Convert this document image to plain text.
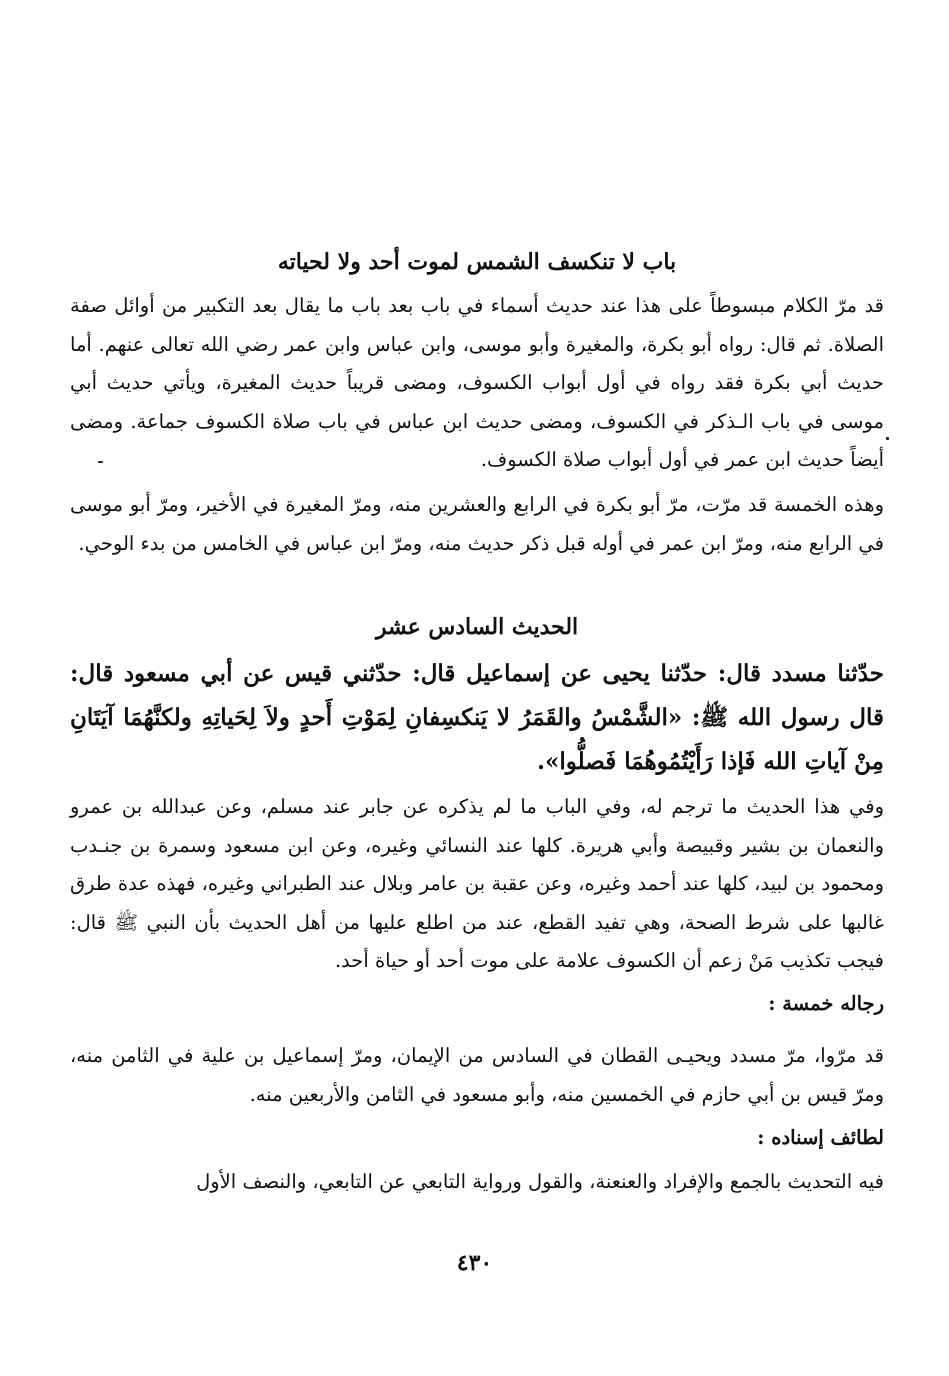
باب لا تنكسف الشمس لموت أحد ولا لحياته
قد مرّ الكلام مبسوطاً على هذا عند حديث أسماء في باب بعد باب ما يقال بعد التكبير من أوائل صفة الصلاة. ثم قال: رواه أبو بكرة، والمغيرة وأبو موسى، وابن عباس وابن عمر رضي الله تعالى عنهم. أما حديث أبي بكرة فقد رواه في أول أبواب الكسوف، ومضى قريباً حديث المغيرة، ويأتي حديث أبي موسى في باب الـذكر في الكسوف، ومضى حديث ابن عباس في باب صلاة الكسوف جماعة. ومضى أيضاً حديث ابن عمر في أول أبواب صلاة الكسوف.
وهذه الخمسة قد مرّت، مرّ أبو بكرة في الرابع والعشرين منه، ومرّ المغيرة في الأخير، ومرّ أبو موسى في الرابع منه، ومرّ ابن عمر في أوله قبل ذكر حديث منه، ومرّ ابن عباس في الخامس من بدء الوحي.
الحديث السادس عشر
حدّثنا مسدد قال: حدّثنا يحيى عن إسماعيل قال: حدّثني قيس عن أبي مسعود قال: قال رسول الله ﷺ: «الشَّمْسُ والقَمَرُ لا يَنكسِفانِ لِمَوْتِ أَحدٍ ولاَ لِحَياتِهِ ولكنَّهُمَا آيَتَانِ مِنْ آياتِ الله فَإذا رَأَيْتُمُوهُمَا فَصلُّوا».
وفي هذا الحديث ما ترجم له، وفي الباب ما لم يذكره عن جابر عند مسلم، وعن عبدالله بن عمرو والنعمان بن بشير وقبيصة وأبي هريرة. كلها عند النسائي وغيره، وعن ابن مسعود وسمرة بن جنـدب ومحمود بن لبيد، كلها عند أحمد وغيره، وعن عقبة بن عامر وبلال عند الطبراني وغيره، فهذه عدة طرق غالبها على شرط الصحة، وهي تفيد القطع، عند من اطلع عليها من أهل الحديث بأن النبي ﷺ قال: فيجب تكذيب مَنْ زعم أن الكسوف علامة على موت أحد أو حياة أحد.
رجاله خمسة :
قد مرّوا، مرّ مسدد ويحيـى القطان في السادس من الإيمان، ومرّ إسماعيل بن علية في الثامن منه، ومرّ قيس بن أبي حازم في الخمسين منه، وأبو مسعود في الثامن والأربعين منه.
لطائف إسناده :
فيه التحديث بالجمع والإفراد والعنعنة، والقول ورواية التابعي عن التابعي، والنصف الأول
٤٣٠
